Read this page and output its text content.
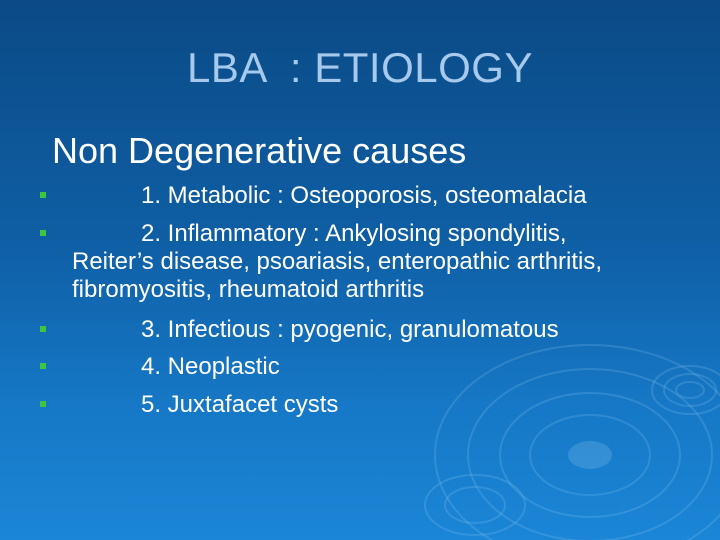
LBA  : ETIOLOGY
Non Degenerative causes
1. Metabolic : Osteoporosis, osteomalacia
2. Inflammatory : Ankylosing spondylitis,
Reiter’s disease, psoariasis, enteropathic arthritis, fibromyositis, rheumatoid arthritis
3. Infectious : pyogenic, granulomatous
4. Neoplastic
5. Juxtafacet cysts
